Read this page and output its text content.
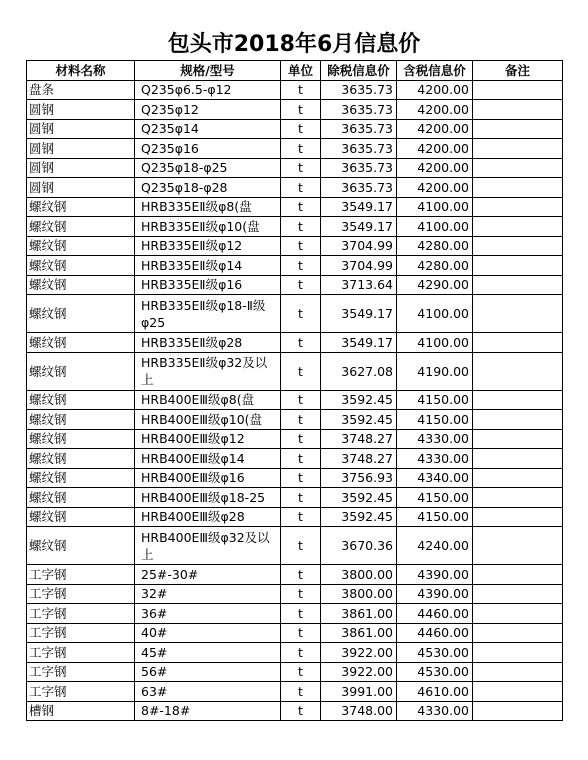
包头市2018年6月信息价
材料名称	规格/型号	单位	除税信息价	含税信息价	备注
盘条	Q235φ6.5-φ12	t	3635.73	4200.00	
圆钢	Q235φ12	t	3635.73	4200.00	
圆钢	Q235φ14	t	3635.73	4200.00	
圆钢	Q235φ16	t	3635.73	4200.00	
圆钢	Q235φ18-φ25	t	3635.73	4200.00	
圆钢	Q235φ18-φ28	t	3635.73	4200.00	
螺纹钢	HRB335EⅡ级φ8(盘	t	3549.17	4100.00	
螺纹钢	HRB335EⅡ级φ10(盘	t	3549.17	4100.00	
螺纹钢	HRB335EⅡ级φ12	t	3704.99	4280.00	
螺纹钢	HRB335EⅡ级φ14	t	3704.99	4280.00	
螺纹钢	HRB335EⅡ级φ16	t	3713.64	4290.00	
螺纹钢	HRB335EⅡ级φ18-Ⅱ级φ25	t	3549.17	4100.00	
螺纹钢	HRB335EⅡ级φ28	t	3549.17	4100.00	
螺纹钢	HRB335EⅡ级φ32及以上	t	3627.08	4190.00	
螺纹钢	HRB400EⅢ级φ8(盘	t	3592.45	4150.00	
螺纹钢	HRB400EⅢ级φ10(盘	t	3592.45	4150.00	
螺纹钢	HRB400EⅢ级φ12	t	3748.27	4330.00	
螺纹钢	HRB400EⅢ级φ14	t	3748.27	4330.00	
螺纹钢	HRB400EⅢ级φ16	t	3756.93	4340.00	
螺纹钢	HRB400EⅢ级φ18-25	t	3592.45	4150.00	
螺纹钢	HRB400EⅢ级φ28	t	3592.45	4150.00	
螺纹钢	HRB400EⅢ级φ32及以上	t	3670.36	4240.00	
工字钢	25#-30#	t	3800.00	4390.00	
工字钢	32#	t	3800.00	4390.00	
工字钢	36#	t	3861.00	4460.00	
工字钢	40#	t	3861.00	4460.00	
工字钢	45#	t	3922.00	4530.00	
工字钢	56#	t	3922.00	4530.00	
工字钢	63#	t	3991.00	4610.00	
槽钢	8#-18#	t	3748.00	4330.00	
